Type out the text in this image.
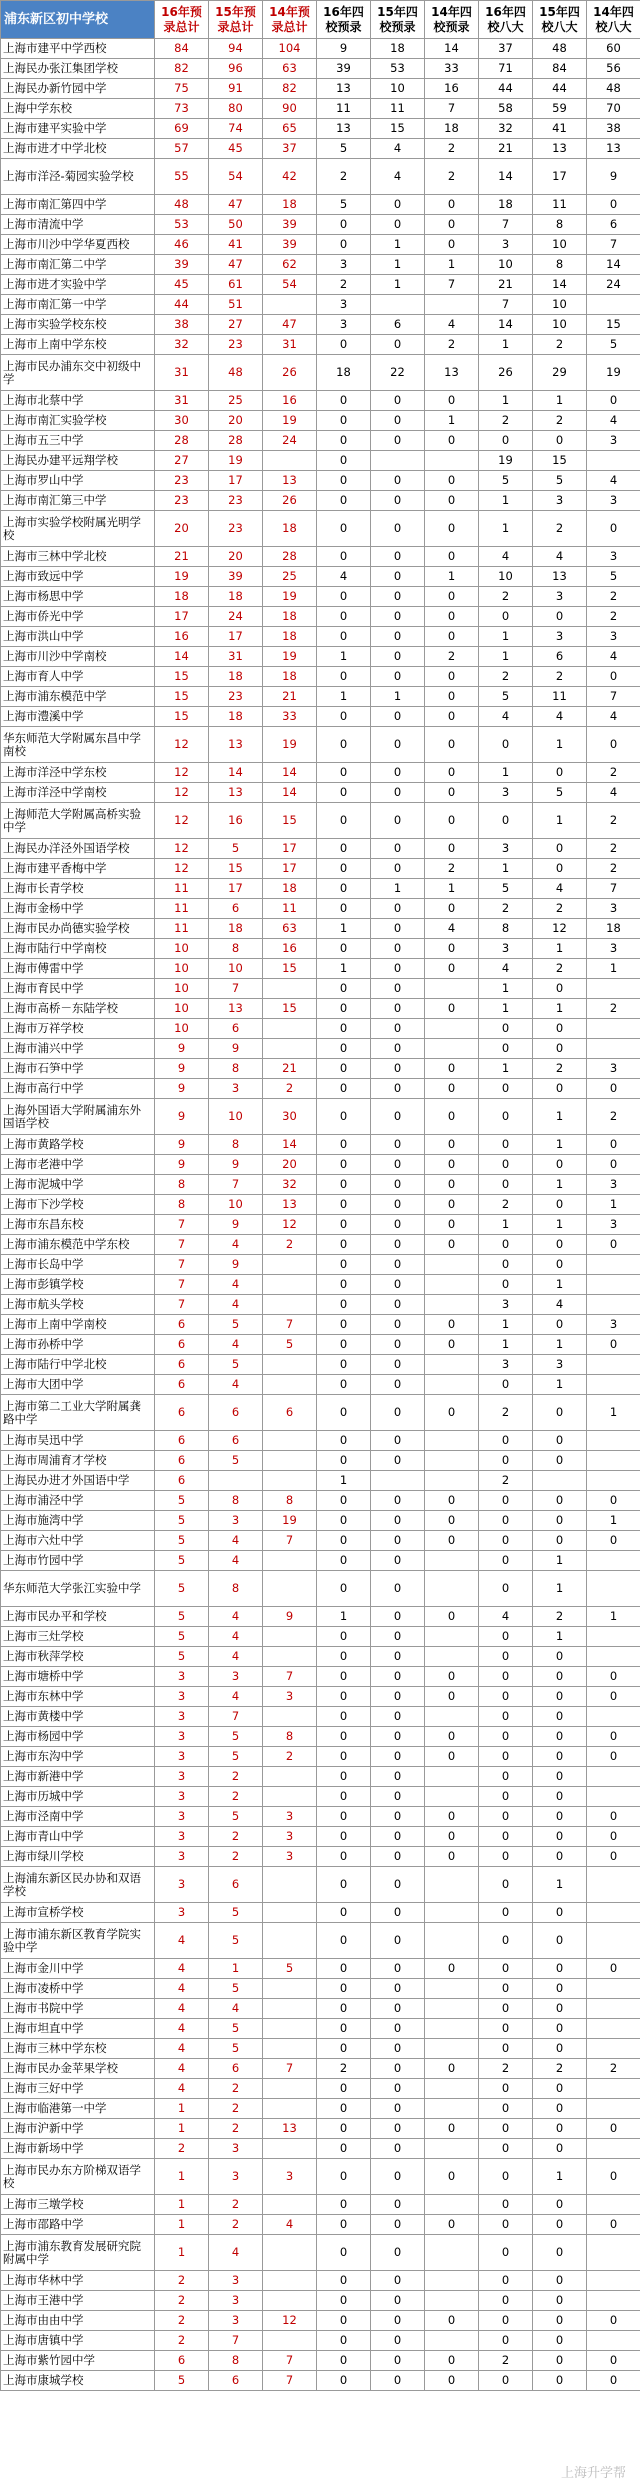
浦东新区初中学校	16年预录总计	15年预录总计	14年预录总计	16年四校预录	15年四校预录	14年四校预录	16年四校八大	15年四校八大	14年四校八大
上海市建平中学西校	84	94	104	9	18	14	37	48	60
上海民办张江集团学校	82	96	63	39	53	33	71	84	56
上海民办新竹园中学	75	91	82	13	10	16	44	44	48
上海中学东校	73	80	90	11	11	7	58	59	70
上海市建平实验中学	69	74	65	13	15	18	32	41	38
上海市进才中学北校	57	45	37	5	4	2	21	13	13
上海市洋泾-菊园实验学校	55	54	42	2	4	2	14	17	9
上海市南汇第四中学	48	47	18	5	0	0	18	11	0
上海市清流中学	53	50	39	0	0	0	7	8	6
上海市川沙中学华夏西校	46	41	39	0	1	0	3	10	7
上海市南汇第二中学	39	47	62	3	1	1	10	8	14
上海市进才实验中学	45	61	54	2	1	7	21	14	24
上海市南汇第一中学	44	51		3			7	10	
上海市实验学校东校	38	27	47	3	6	4	14	10	15
上海市上南中学东校	32	23	31	0	0	2	1	2	5
上海市民办浦东交中初级中学	31	48	26	18	22	13	26	29	19
上海市北蔡中学	31	25	16	0	0	0	1	1	0
上海市南汇实验学校	30	20	19	0	0	1	2	2	4
上海市五三中学	28	28	24	0	0	0	0	0	3
上海民办建平远翔学校	27	19		0			19	15	
上海市罗山中学	23	17	13	0	0	0	5	5	4
上海市南汇第三中学	23	23	26	0	0	0	1	3	3
上海市实验学校附属光明学校	20	23	18	0	0	0	1	2	0
上海市三林中学北校	21	20	28	0	0	0	4	4	3
上海市致远中学	19	39	25	4	0	1	10	13	5
上海市杨思中学	18	18	19	0	0	0	2	3	2
上海市侨光中学	17	24	18	0	0	0	0	0	2
上海市洪山中学	16	17	18	0	0	0	1	3	3
上海市川沙中学南校	14	31	19	1	0	2	1	6	4
上海市育人中学	15	18	18	0	0	0	2	2	0
上海市浦东模范中学	15	23	21	1	1	0	5	11	7
上海市澧溪中学	15	18	33	0	0	0	4	4	4
华东师范大学附属东昌中学南校	12	13	19	0	0	0	0	1	0
上海市洋泾中学东校	12	14	14	0	0	0	1	0	2
上海市洋泾中学南校	12	13	14	0	0	0	3	5	4
上海师范大学附属高桥实验中学	12	16	15	0	0	0	0	1	2
上海民办洋泾外国语学校	12	5	17	0	0	0	3	0	2
上海市建平香梅中学	12	15	17	0	0	2	1	0	2
上海市长青学校	11	17	18	0	1	1	5	4	7
上海市金杨中学	11	6	11	0	0	0	2	2	3
上海市民办尚德实验学校	11	18	63	1	0	4	8	12	18
上海市陆行中学南校	10	8	16	0	0	0	3	1	3
上海市傅雷中学	10	10	15	1	0	0	4	2	1
上海市育民中学	10	7		0	0		1	0	
上海市高桥－东陆学校	10	13	15	0	0	0	1	1	2
上海市万祥学校	10	6		0	0		0	0	
上海市浦兴中学	9	9		0	0		0	0	
上海市石笋中学	9	8	21	0	0	0	1	2	3
上海市高行中学	9	3	2	0	0	0	0	0	0
上海外国语大学附属浦东外国语学校	9	10	30	0	0	0	0	1	2
上海市黄路学校	9	8	14	0	0	0	0	1	0
上海市老港中学	9	9	20	0	0	0	0	0	0
上海市泥城中学	8	7	32	0	0	0	0	1	3
上海市下沙学校	8	10	13	0	0	0	2	0	1
上海市东昌东校	7	9	12	0	0	0	1	1	3
上海市浦东模范中学东校	7	4	2	0	0	0	0	0	0
上海市长岛中学	7	9		0	0		0	0	
上海市彭镇学校	7	4		0	0		0	1	
上海市航头学校	7	4		0	0		3	4	
上海市上南中学南校	6	5	7	0	0	0	1	0	3
上海市孙桥中学	6	4	5	0	0	0	1	1	0
上海市陆行中学北校	6	5		0	0		3	3	
上海市大团中学	6	4		0	0		0	1	
上海市第二工业大学附属龚路中学	6	6	6	0	0	0	2	0	1
上海市吴迅中学	6	6		0	0		0	0	
上海市周浦育才学校	6	5		0	0		0	0	
上海民办进才外国语中学	6			1			2		
上海市浦泾中学	5	8	8	0	0	0	0	0	0
上海市施湾中学	5	3	19	0	0	0	0	0	1
上海市六灶中学	5	4	7	0	0	0	0	0	0
上海市竹园中学	5	4		0	0		0	1	
华东师范大学张江实验中学	5	8		0	0		0	1	
上海市民办平和学校	5	4	9	1	0	0	4	2	1
上海市三灶学校	5	4		0	0		0	1	
上海市秋萍学校	5	4		0	0		0	0	
上海市塘桥中学	3	3	7	0	0	0	0	0	0
上海市东林中学	3	4	3	0	0	0	0	0	0
上海市黄楼中学	3	7		0	0		0	0	
上海市杨园中学	3	5	8	0	0	0	0	0	0
上海市东沟中学	3	5	2	0	0	0	0	0	0
上海市新港中学	3	2		0	0		0	0	
上海市历城中学	3	2		0	0		0	0	
上海市泾南中学	3	5	3	0	0	0	0	0	0
上海市青山中学	3	2	3	0	0	0	0	0	0
上海市绿川学校	3	2	3	0	0	0	0	0	0
上海浦东新区民办协和双语学校	3	6		0	0		0	1	
上海市宣桥学校	3	5		0	0		0	0	
上海市浦东新区教育学院实验中学	4	5		0	0		0	0	
上海市金川中学	4	1	5	0	0	0	0	0	0
上海市凌桥中学	4	5		0	0		0	0	
上海市书院中学	4	4		0	0		0	0	
上海市坦直中学	4	5		0	0		0	0	
上海市三林中学东校	4	5		0	0		0	0	
上海市民办金苹果学校	4	6	7	2	0	0	2	2	2
上海市三好中学	4	2		0	0		0	0	
上海市临港第一中学	1	2		0	0		0	0	
上海市沪新中学	1	2	13	0	0	0	0	0	0
上海市新场中学	2	3		0	0		0	0	
上海市民办东方阶梯双语学校	1	3	3	0	0	0	0	1	0
上海市三墩学校	1	2		0	0		0	0	
上海市邵路中学	1	2	4	0	0	0	0	0	0
上海市浦东教育发展研究院附属中学	1	4		0	0		0	0	
上海市华林中学	2	3		0	0		0	0	
上海市王港中学	2	3		0	0		0	0	
上海市由由中学	2	3	12	0	0	0	0	0	0
上海市唐镇中学	2	7		0	0		0	0	
上海市紫竹园中学	6	8	7	0	0	0	2	0	0
上海市康城学校	5	6	7	0	0	0	0	0	0
上海升学帮
